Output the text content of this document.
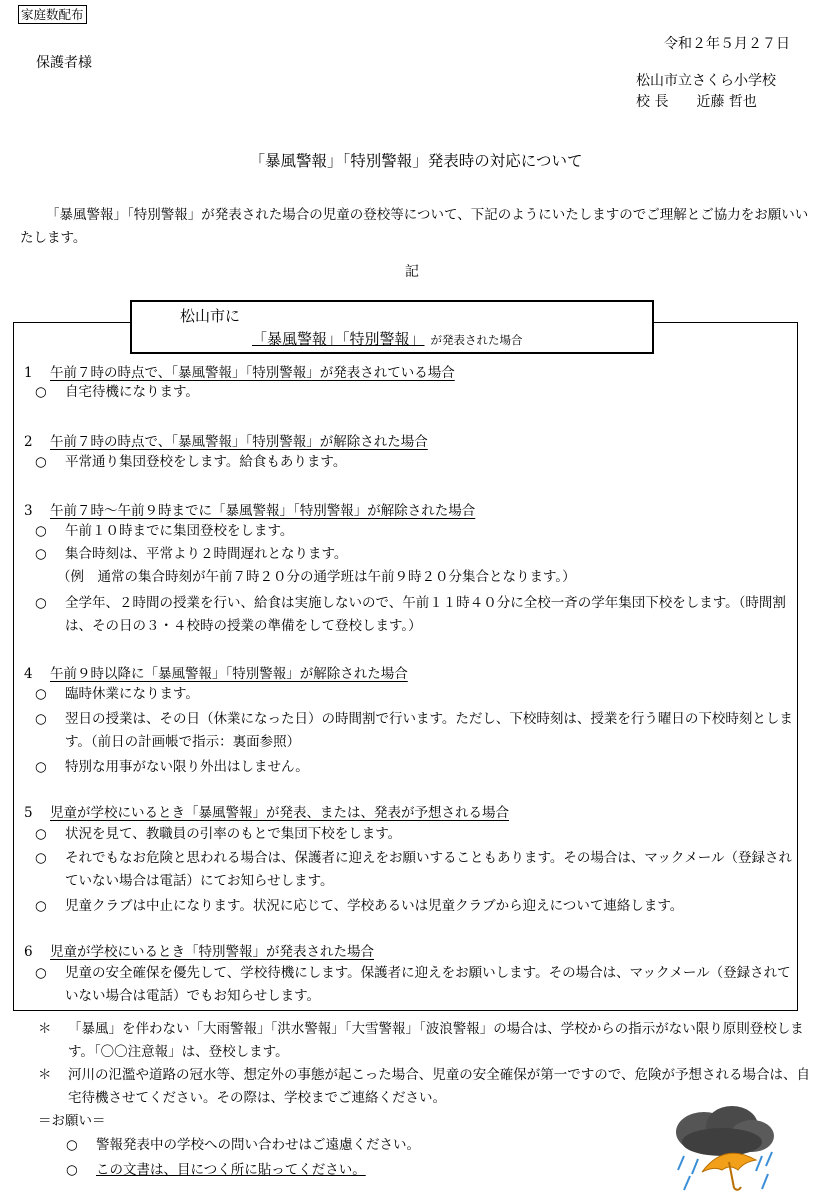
家庭数配布
保護者様
令和２年５月２７日
松山市立さくら小学校
校 長　　近藤 哲也
「暴風警報」「特別警報」発表時の対応について
「暴風警報」「特別警報」が発表された場合の児童の登校等について、下記のようにいたしますのでご理解とご協力をお願いいたします。
記
松山市に
「暴風警報」「特別警報」 が発表された場合
1 午前７時の時点で、「暴風警報」「特別警報」が発表されている場合
○ 自宅待機になります。
2 午前７時の時点で、「暴風警報」「特別警報」が解除された場合
○ 平常通り集団登校をします。給食もあります。
3 午前７時～午前９時までに「暴風警報」「特別警報」が解除された場合
○ 午前１０時までに集団登校をします。
○ 集合時刻は、平常より２時間遅れとなります。
（例　通常の集合時刻が午前７時２０分の通学班は午前９時２０分集合となります。）
○ 全学年、２時間の授業を行い、給食は実施しないので、午前１１時４０分に全校一斉の学年集団下校をします。（時間割は、その日の３・４校時の授業の準備をして登校します。）
4 午前９時以降に「暴風警報」「特別警報」が解除された場合
○ 臨時休業になります。
○ 翌日の授業は、その日（休業になった日）の時間割で行います。ただし、下校時刻は、授業を行う曜日の下校時刻とします。（前日の計画帳で指示：裏面参照）
○ 特別な用事がない限り外出はしません。
5 児童が学校にいるとき「暴風警報」が発表、または、発表が予想される場合
○ 状況を見て、教職員の引率のもとで集団下校をします。
○ それでもなお危険と思われる場合は、保護者に迎えをお願いすることもあります。その場合は、マックメール（登録されていない場合は電話）にてお知らせします。
○ 児童クラブは中止になります。状況に応じて、学校あるいは児童クラブから迎えについて連絡します。
6 児童が学校にいるとき「特別警報」が発表された場合
○ 児童の安全確保を優先して、学校待機にします。保護者に迎えをお願いします。その場合は、マックメール（登録されていない場合は電話）でもお知らせします。
＊ 「暴風」を伴わない「大雨警報」「洪水警報」「大雪警報」「波浪警報」の場合は、学校からの指示がない限り原則登校します。「〇〇注意報」は、登校します。
＊ 河川の氾濫や道路の冠水等、想定外の事態が起こった場合、児童の安全確保が第一ですので、危険が予想される場合は、自宅待機させてください。その際は、学校までご連絡ください。
＝お願い＝
○ 警報発表中の学校への問い合わせはご遠慮ください。
○ この文書は、目につく所に貼ってください。
